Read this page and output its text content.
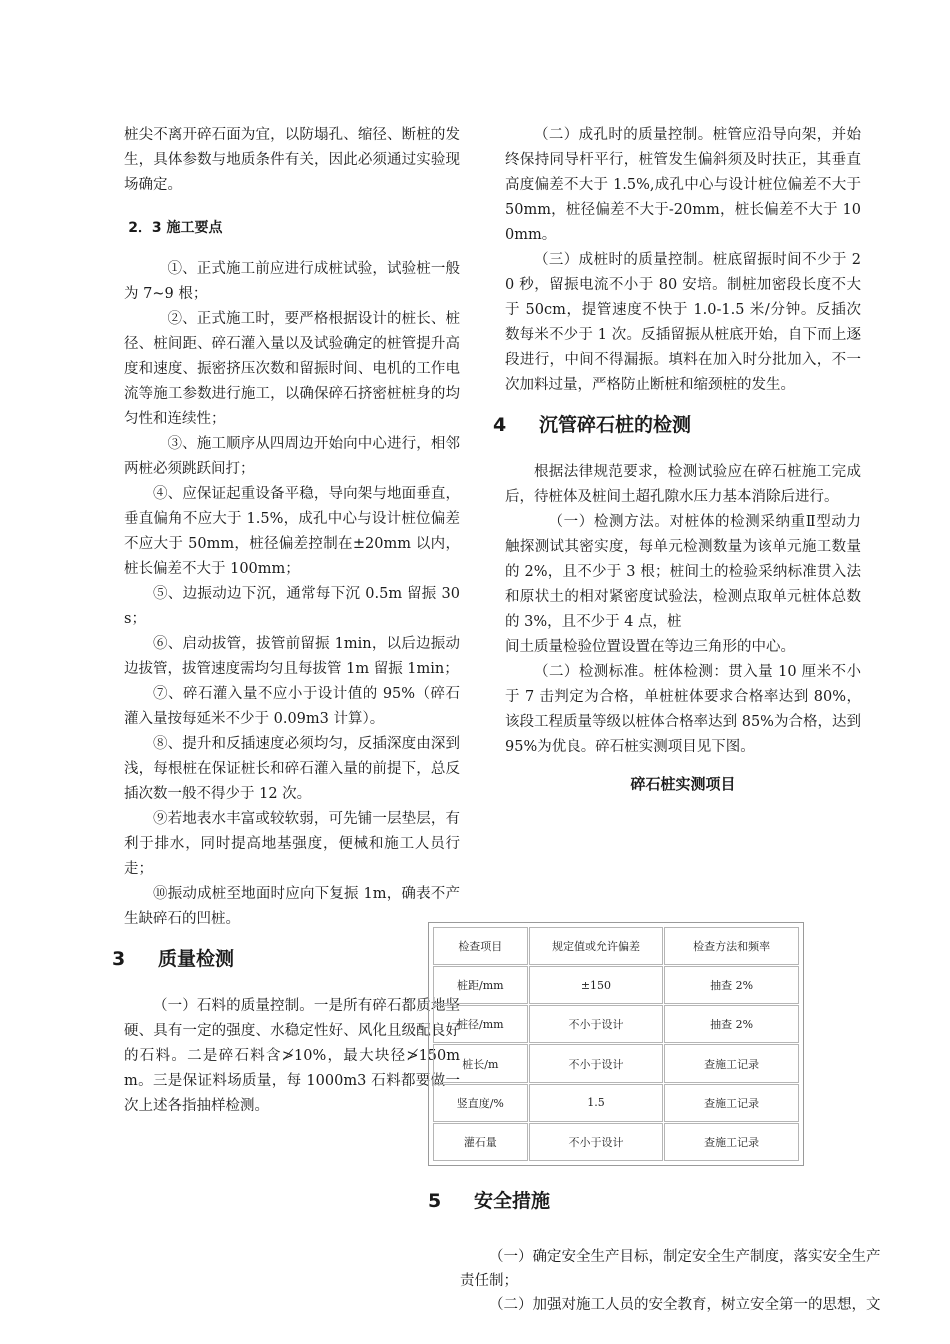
桩尖不离开碎石面为宜，以防塌孔、缩径、断桩的发生，具体参数与地质条件有关，因此必须通过实验现场确定。

2．3 施工要点

①、正式施工前应进行成桩试验，试验桩一般为 7~9 根；

②、正式施工时，要严格根据设计的桩长、桩径、桩间距、碎石灌入量以及试验确定的桩管提升高度和速度、振密挤压次数和留振时间、电机的工作电流等施工参数进行施工，以确保碎石挤密桩桩身的均匀性和连续性；

③、施工顺序从四周边开始向中心进行，相邻两桩必须跳跃间打；

④、应保证起重设备平稳，导向架与地面垂直，垂直偏角不应大于 1.5%，成孔中心与设计桩位偏差不应大于 50mm，桩径偏差控制在±20mm 以内，桩长偏差不大于 100mm；

⑤、边振动边下沉，通常每下沉 0.5m 留振 30s；

⑥、启动拔管，拔管前留振 1min，以后边振动边拔管，拔管速度需均匀且每拔管 1m 留振 1min；

⑦、碎石灌入量不应小于设计值的 95%（碎石灌入量按每延米不少于 0.09m3 计算）。

⑧、提升和反插速度必须均匀，反插深度由深到浅，每根桩在保证桩长和碎石灌入量的前提下，总反插次数一般不得少于 12 次。

⑨若地表水丰富或较软弱，可先铺一层垫层，有利于排水，同时提高地基强度，便械和施工人员行走；

⑩振动成桩至地面时应向下复振 1m，确表不产生缺碎石的凹桩。

3 质量检测

（一）石料的质量控制。一是所有碎石都质地坚硬、具有一定的强度、水稳定性好、风化且级配良好的石料。二是碎石料含≯10%，最大块径≯150mm。三是保证料场质量，每 1000m3 石料都要做一次上述各指抽样检测。

（二）成孔时的质量控制。桩管应沿导向架，并始终保持同导杆平行，桩管发生偏斜须及时扶正，其垂直高度偏差不大于 1.5%,成孔中心与设计桩位偏差不大于 50mm，桩径偏差不大于-20mm，桩长偏差不大于 100mm。

（三）成桩时的质量控制。桩底留振时间不少于 20 秒，留振电流不小于 80 安培。制桩加密段长度不大于 50cm，提管速度不快于 1.0-1.5 米/分钟。反插次数每米不少于 1 次。反插留振从桩底开始，自下而上逐段进行，中间不得漏振。填料在加入时分批加入，不一次加料过量，严格防止断桩和缩颈桩的发生。

4 沉管碎石桩的检测

根据法律规范要求，检测试验应在碎石桩施工完成后，待桩体及桩间土超孔隙水压力基本消除后进行。

（一）检测方法。对桩体的检测采纳重Ⅱ型动力触探测试其密实度，每单元检测数量为该单元施工数量的 2%，且不少于 3 根；桩间土的检验采纳标准贯入法和原状土的相对紧密度试验法，检测点取单元桩体总数的 3%，且不少于 4 点，桩

间土质量检验位置设置在等边三角形的中心。

（二）检测标准。桩体检测：贯入量 10 厘米不小于 7 击判定为合格，单桩桩体要求合格率达到 80%，该段工程质量等级以桩体合格率达到 85%为合格，达到 95%为优良。碎石桩实测项目见下图。

碎石桩实测项目
检查项目	规定值或允许偏差	检查方法和频率
桩距/mm	±150	抽查 2%
桩径/mm	不小于设计	抽查 2%
桩长/m	不小于设计	查施工记录
竖直度/%	1.5	查施工记录
灌石量	不小于设计	查施工记录
5 安全措施

（一）确定安全生产目标，制定安全生产制度，落实安全生产

责任制；

（二）加强对施工人员的安全教育，树立安全第一的思想，文
